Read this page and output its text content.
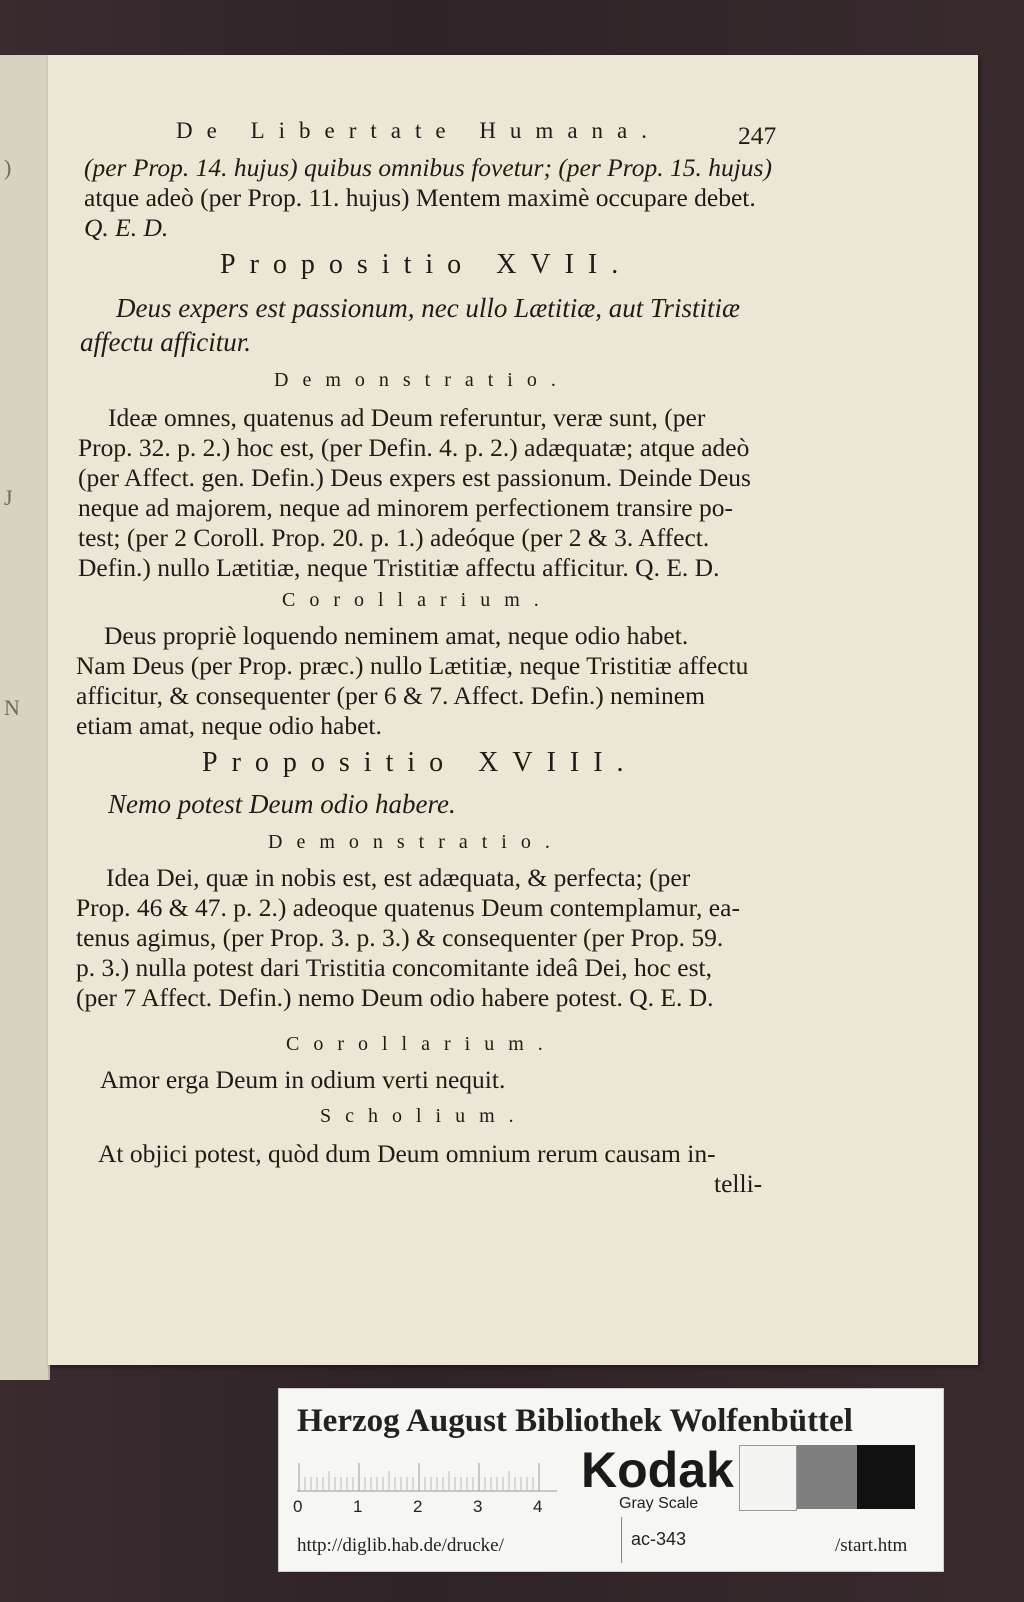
)
J
N
De Libertate Humana.	247
(per Prop. 14. hujus) quibus omnibus fovetur; (per Prop. 15. hujus)
atque adeò (per Prop. 11. hujus) Mentem maximè occupare debet.
Q. E. D.
Propositio XVII.
Deus expers est passionum, nec ullo Lætitiæ, aut Tristitiæ
affectu afficitur.
Demonstratio.
Ideæ omnes, quatenus ad Deum referuntur, veræ sunt, (per
Prop. 32. p. 2.) hoc est, (per Defin. 4. p. 2.) adæquatæ; atque adeò
(per Affect. gen. Defin.) Deus expers est passionum. Deinde Deus
neque ad majorem, neque ad minorem perfectionem transire po-
test; (per 2 Coroll. Prop. 20. p. 1.) adeóque (per 2 & 3. Affect.
Defin.) nullo Lætitiæ, neque Tristitiæ affectu afficitur. Q. E. D.
Corollarium.
Deus propriè loquendo neminem amat, neque odio habet.
Nam Deus (per Prop. præc.) nullo Lætitiæ, neque Tristitiæ affectu
afficitur, & consequenter (per 6 & 7. Affect. Defin.) neminem
etiam amat, neque odio habet.
Propositio XVIII.
Nemo potest Deum odio habere.
Demonstratio.
Idea Dei, quæ in nobis est, est adæquata, & perfecta; (per
Prop. 46 & 47. p. 2.) adeoque quatenus Deum contemplamur, ea-
tenus agimus, (per Prop. 3. p. 3.) & consequenter (per Prop. 59.
p. 3.) nulla potest dari Tristitia concomitante ideâ Dei, hoc est,
(per 7 Affect. Defin.) nemo Deum odio habere potest. Q. E. D.
Corollarium.
Amor erga Deum in odium verti nequit.
Scholium.
At objici potest, quòd dum Deum omnium rerum causam in-
telli-
Herzog August Bibliothek Wolfenbüttel
0	1	2	3	4
Kodak
Gray Scale
http://diglib.hab.de/drucke/	ac-343	/start.htm
